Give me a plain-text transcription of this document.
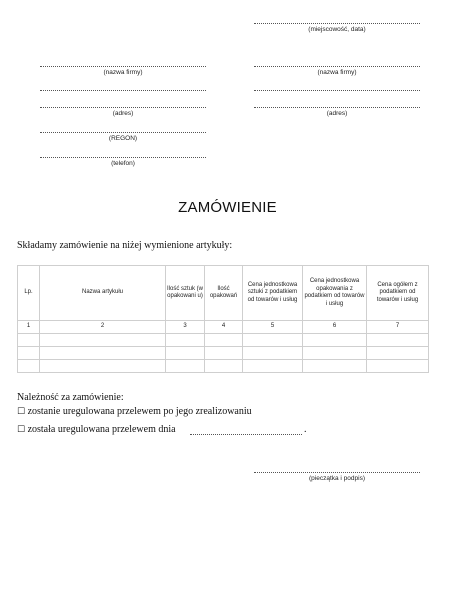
(miejscowość, data)
(nazwa firmy)
(adres)
(REGON)
(telefon)
(nazwa firmy)
(adres)
ZAMÓWIENIE
Składamy zamówienie na niżej wymienione artykuły:
Lp.	Nazwa artykułu	Ilość sztuk (w opakowani u)	Ilość opakowań	Cena jednostkowa sztuki z podatkiem od towarów i usług	Cena jednostkowa opakowania z podatkiem od towarów i usług	Cena ogółem z podatkiem od towarów i usług
1	2	3	4	5	6	7

Należność za zamówienie:
☐ zostanie uregulowana przelewem po jego zrealizowaniu
☐ została uregulowana przelewem dnia	.
(pieczątka i podpis)
